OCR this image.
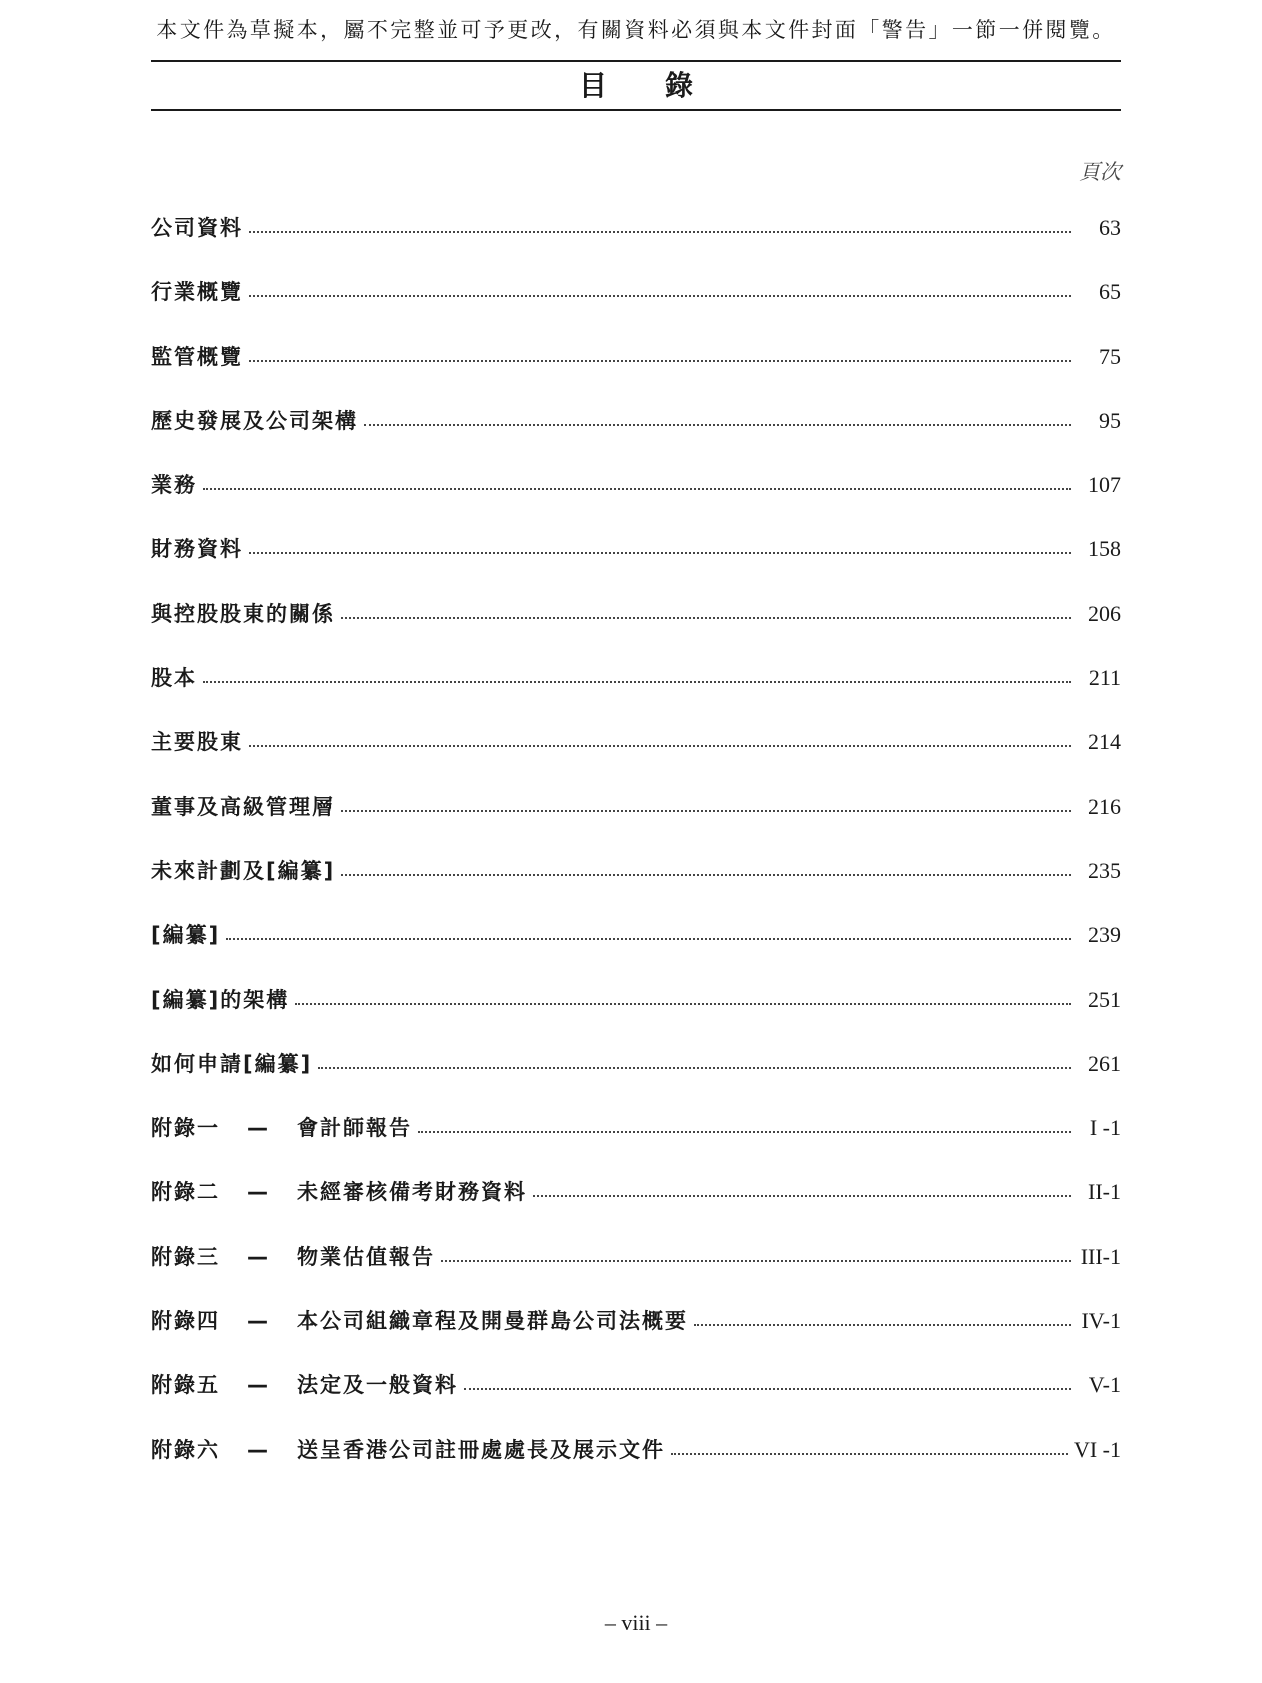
本文件為草擬本，屬不完整並可予更改，有關資料必須與本文件封面「警告」一節一併閱覽。
目錄
頁次
公司資料	63
行業概覽	65
監管概覽	75
歷史發展及公司架構	95
業務	107
財務資料	158
與控股股東的關係	206
股本	211
主要股東	214
董事及高級管理層	216
未來計劃及[編纂]	235
[編纂]	239
[編纂]的架構	251
如何申請[編纂]	261
附錄一	—	會計師報告	I -1
附錄二	—	未經審核備考財務資料	II-1
附錄三	—	物業估值報告	III-1
附錄四	—	本公司組織章程及開曼群島公司法概要	IV-1
附錄五	—	法定及一般資料	V-1
附錄六	—	送呈香港公司註冊處處長及展示文件	VI -1
– viii –
